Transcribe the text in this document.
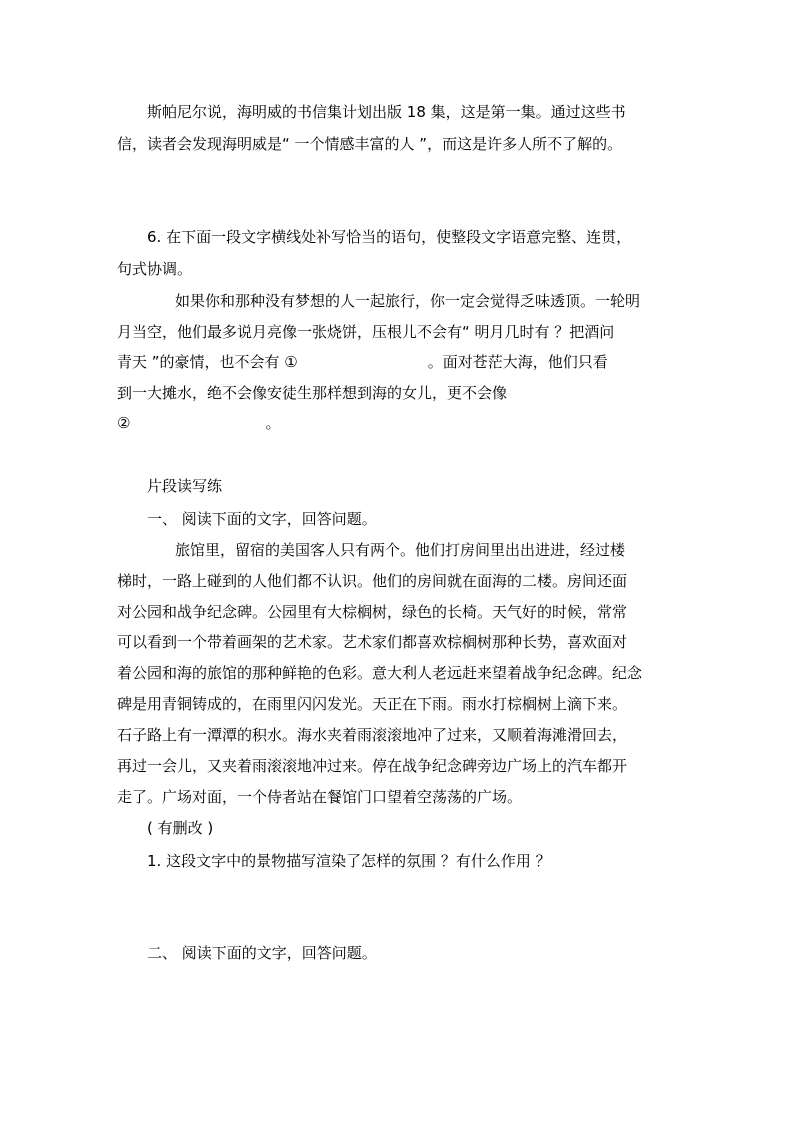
斯帕尼尔说，海明威的书信集计划出版 18 集，这是第一集。通过这些书
信，读者会发现海明威是“ 一个情感丰富的人 ”，而这是许多人所不了解的。
6. 在下面一段文字横线处补写恰当的语句，使整段文字语意完整、连贯，
句式协调。
如果你和那种没有梦想的人一起旅行，你一定会觉得乏味透顶。一轮明
月当空，他们最多说月亮像一张烧饼，压根儿不会有“ 明月几时有 ？把酒问
青天 ”的豪情，也不会有 ①	。面对苍茫大海，他们只看
到一大摊水，绝不会像安徒生那样想到海的女儿，更不会像
②	。
片段读写练
一、 阅读下面的文字，回答问题。
旅馆里，留宿的美国客人只有两个。他们打房间里出出进进，经过楼
梯时，一路上碰到的人他们都不认识。他们的房间就在面海的二楼。房间还面
对公园和战争纪念碑。公园里有大棕榈树，绿色的长椅。天气好的时候，常常
可以看到一个带着画架的艺术家。艺术家们都喜欢棕榈树那种长势，喜欢面对
着公园和海的旅馆的那种鲜艳的色彩。意大利人老远赶来望着战争纪念碑。纪念
碑是用青铜铸成的，在雨里闪闪发光。天正在下雨。雨水打棕榈树上滴下来。
石子路上有一潭潭的积水。海水夹着雨滚滚地冲了过来，又顺着海滩滑回去，
再过一会儿，又夹着雨滚滚地冲过来。停在战争纪念碑旁边广场上的汽车都开
走了。广场对面，一个侍者站在餐馆门口望着空荡荡的广场。
( 有删改 )
1. 这段文字中的景物描写渲染了怎样的氛围 ？有什么作用 ？
二、 阅读下面的文字，回答问题。
